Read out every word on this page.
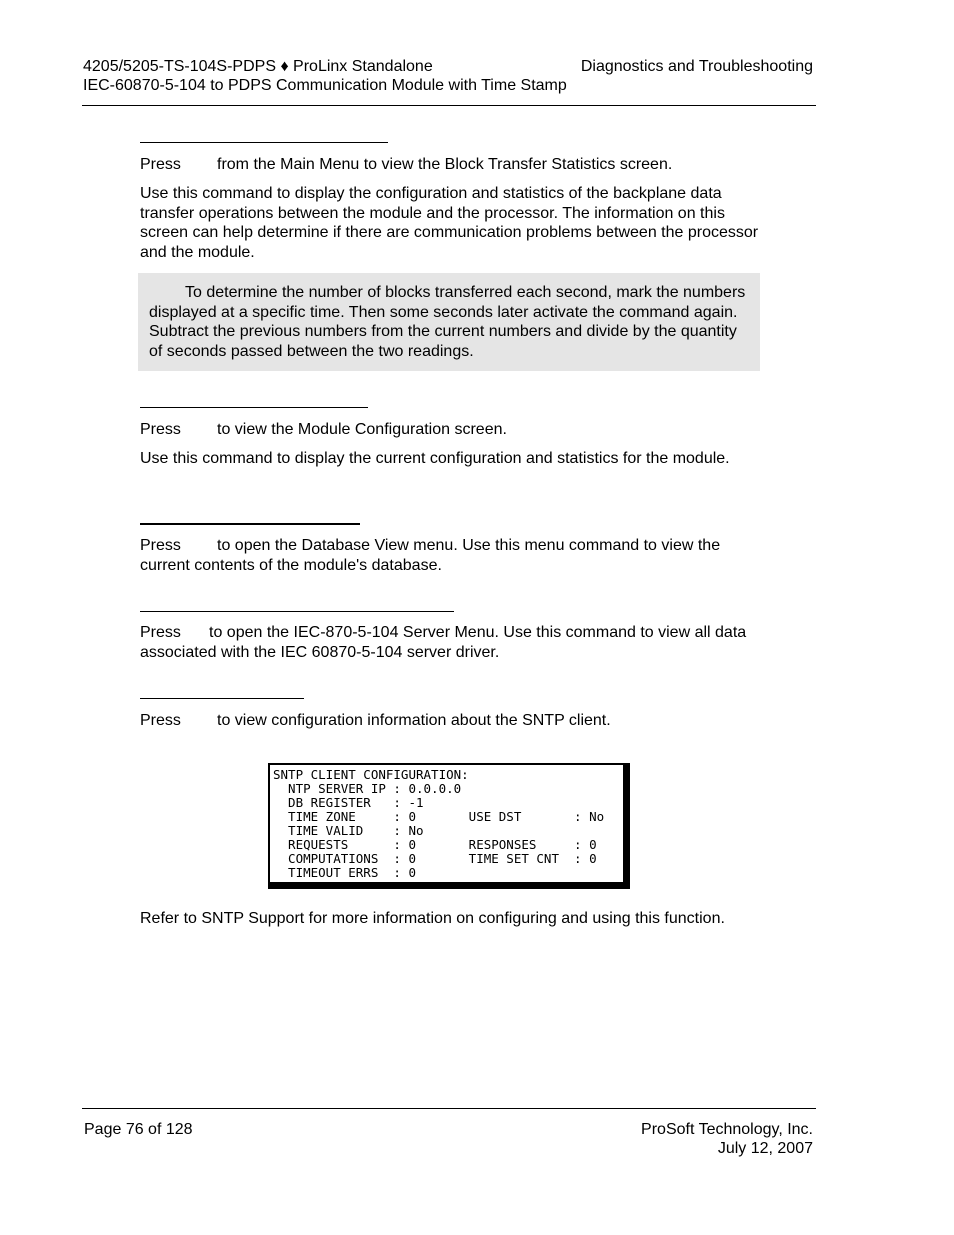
4205/5205-TS-104S-PDPS ♦ ProLinx Standalone	Diagnostics and Troubleshooting
IEC-60870-5-104 to PDPS Communication Module with Time Stamp
Press from the Main Menu to view the Block Transfer Statistics screen.
Use this command to display the configuration and statistics of the backplane data transfer operations between the module and the processor. The information on this screen can help determine if there are communication problems between the processor and the module.
To determine the number of blocks transferred each second, mark the numbers displayed at a specific time. Then some seconds later activate the command again. Subtract the previous numbers from the current numbers and divide by the quantity of seconds passed between the two readings.
Press to view the Module Configuration screen.
Use this command to display the current configuration and statistics for the module.
Press to open the Database View menu. Use this menu command to view the current contents of the module's database.
Press to open the IEC-870-5-104 Server Menu. Use this command to view all data associated with the IEC 60870-5-104 server driver.
Press to view configuration information about the SNTP client.
SNTP CLIENT CONFIGURATION:
NTP SERVER IP : 0.0.0.0
DB REGISTER   : -1
TIME ZONE     : 0       USE DST       : No
TIME VALID    : No
REQUESTS      : 0       RESPONSES     : 0
COMPUTATIONS  : 0       TIME SET CNT  : 0
TIMEOUT ERRS  : 0
Refer to SNTP Support for more information on configuring and using this function.
Page 76 of 128	ProSoft Technology, Inc.
July 12, 2007
